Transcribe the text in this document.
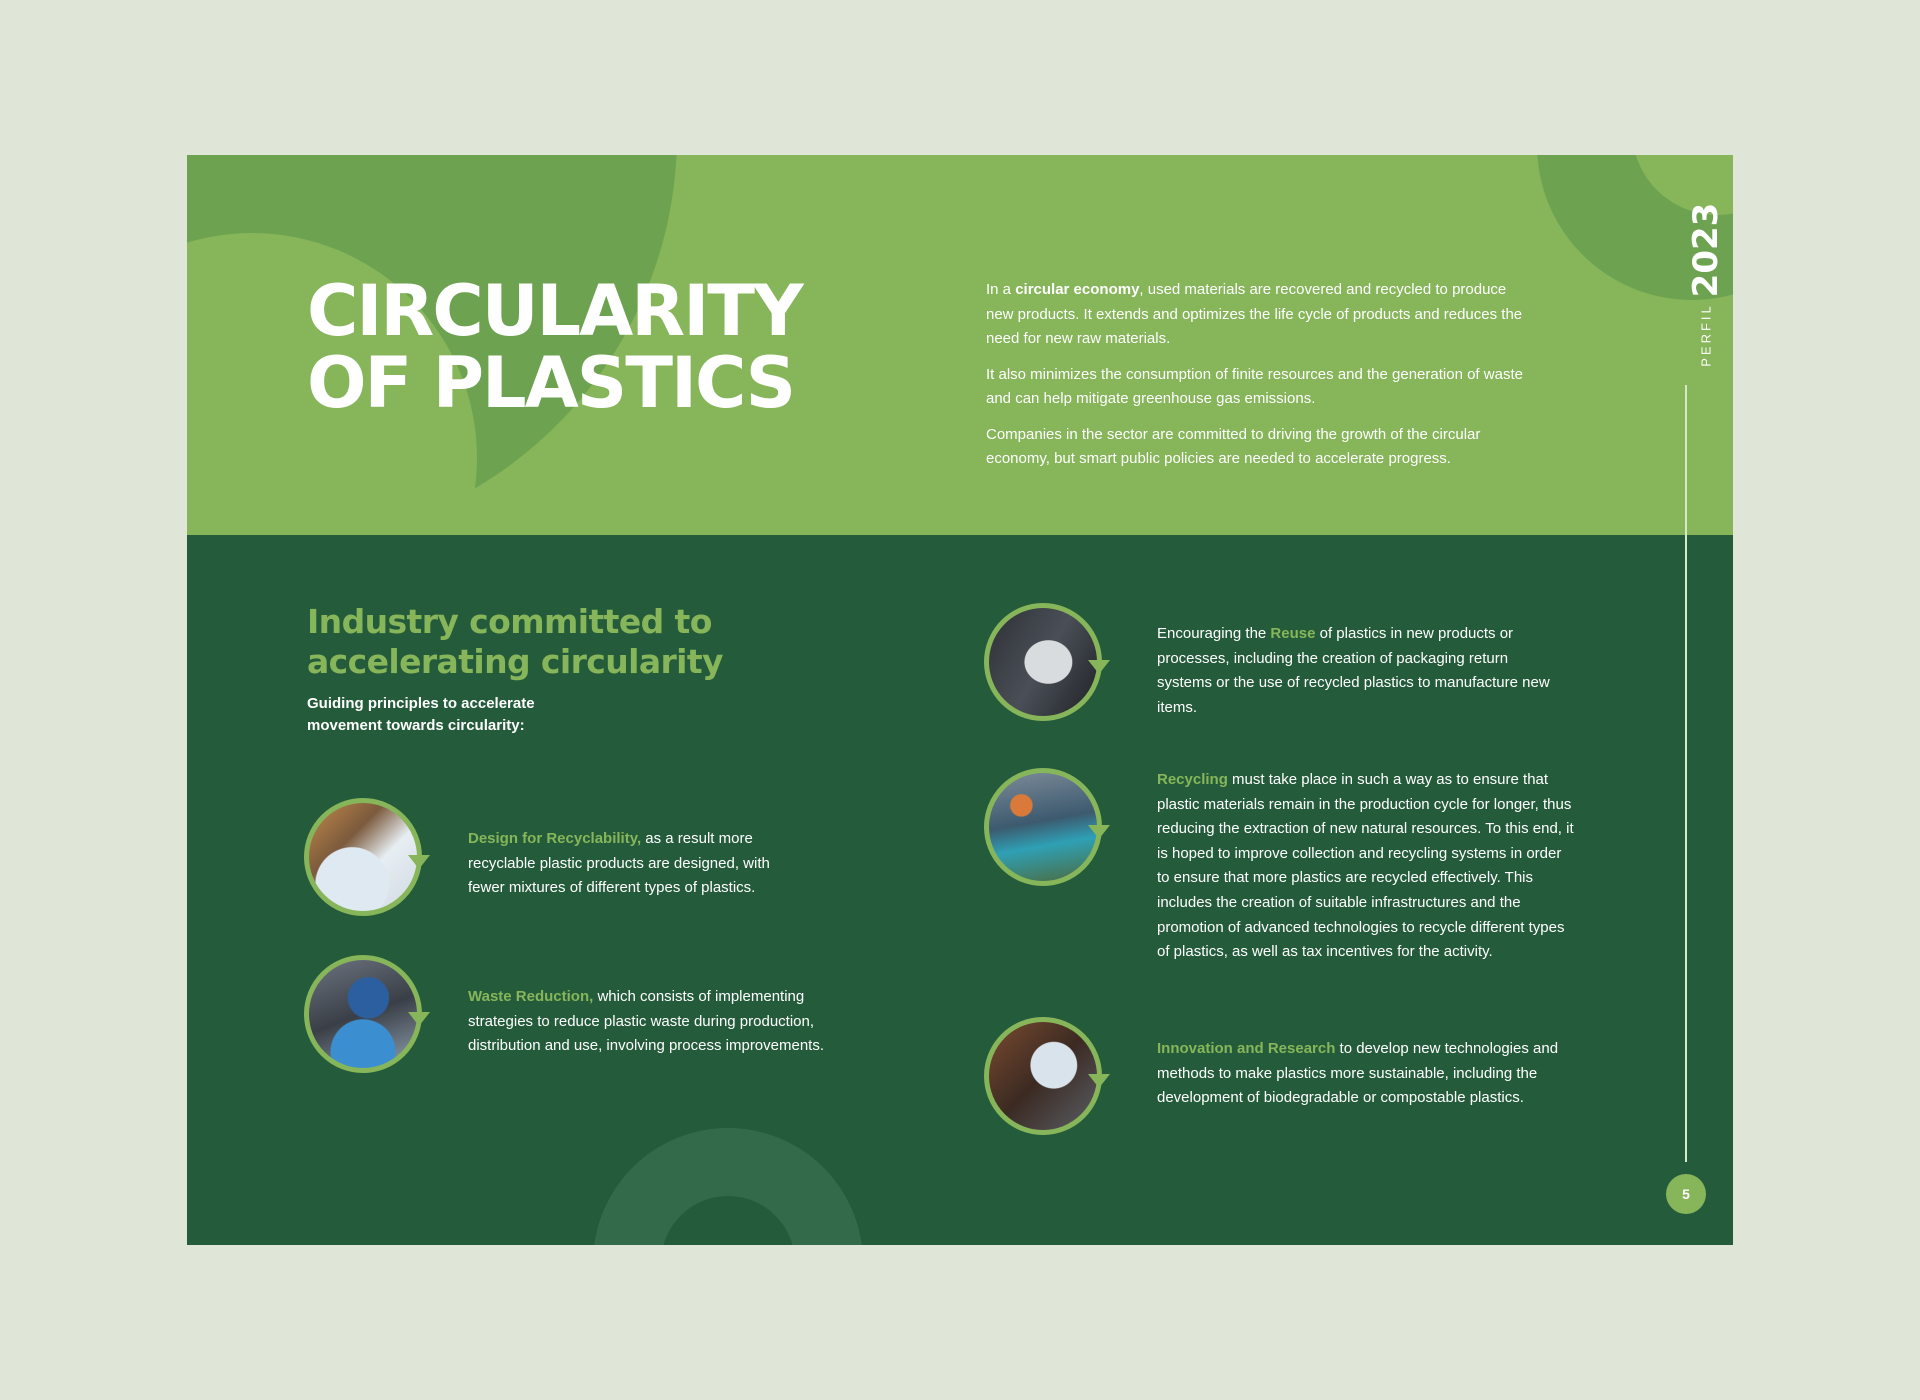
CIRCULARITY
OF PLASTICS

In a circular economy, used materials are recovered and recycled to produce new products. It extends and optimizes the life cycle of products and reduces the need for new raw materials.

It also minimizes the consumption of finite resources and the generation of waste and can help mitigate greenhouse gas emissions.

Companies in the sector are committed to driving the growth of the circular economy, but smart public policies are needed to accelerate progress.

Industry committed to accelerating circularity
Guiding principles to accelerate movement towards circularity:

Design for Recyclability, as a result more recyclable plastic products are designed, with fewer mixtures of different types of plastics.

Waste Reduction, which consists of implementing strategies to reduce plastic waste during production, distribution and use, involving process improvements.

Encouraging the Reuse of plastics in new products or processes, including the creation of packaging return systems or the use of recycled plastics to manufacture new items.

Recycling must take place in such a way as to ensure that plastic materials remain in the production cycle for longer, thus reducing the extraction of new natural resources. To this end, it is hoped to improve collection and recycling systems in order to ensure that more plastics are recycled effectively. This includes the creation of suitable infrastructures and the promotion of advanced technologies to recycle different types of plastics, as well as tax incentives for the activity.

Innovation and Research to develop new technologies and methods to make plastics more sustainable, including the development of biodegradable or compostable plastics.

2023
PERFIL
5
